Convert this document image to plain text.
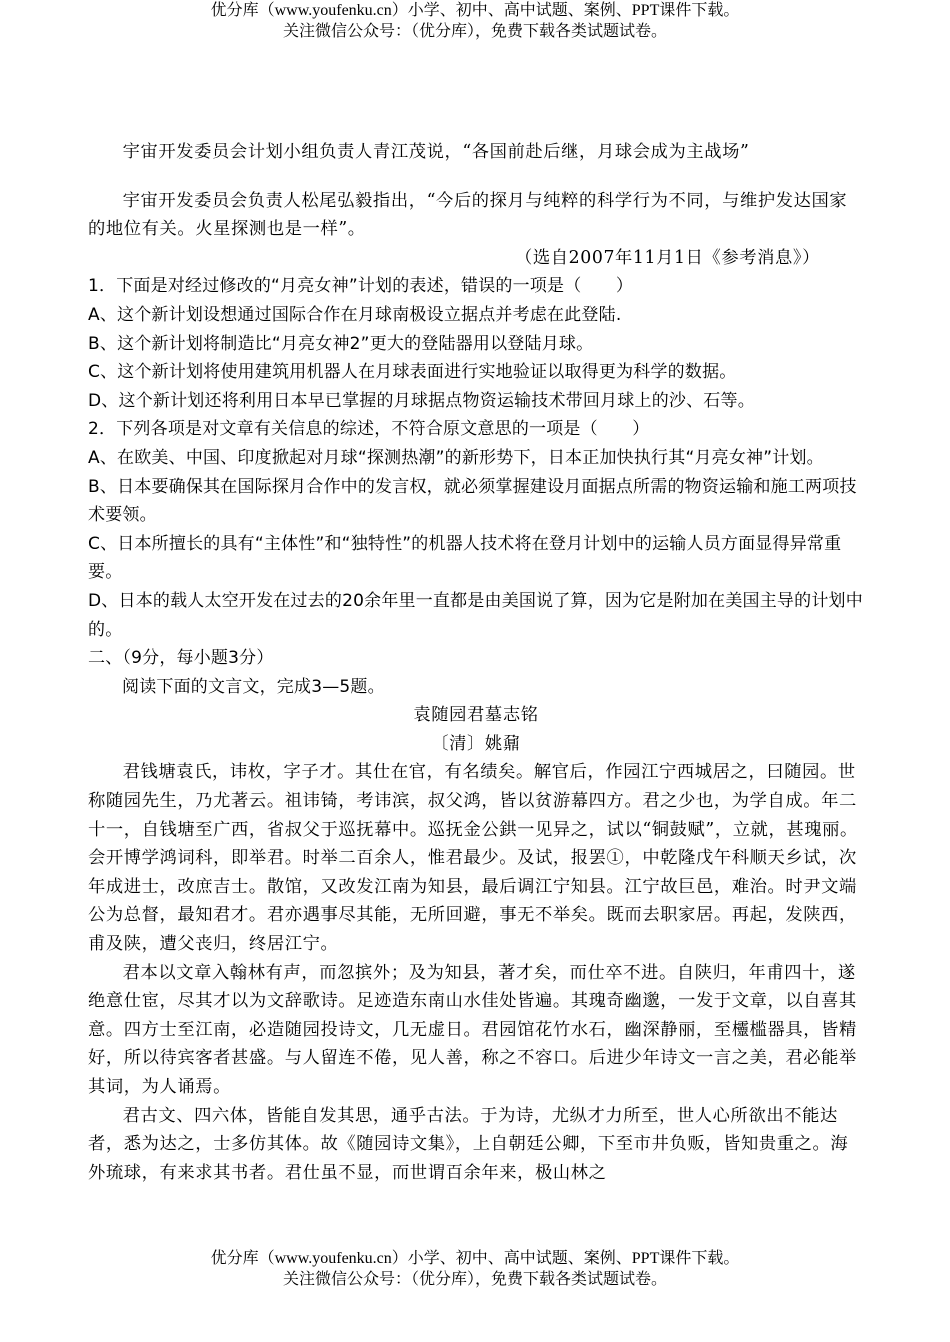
优分库（www.youfenku.cn）小学、初中、高中试题、案例、PPT课件下载。
关注微信公众号：（优分库），免费下载各类试题试卷。

宇宙开发委员会计划小组负责人青江茂说，“各国前赴后继，月球会成为主战场”

宇宙开发委员会负责人松尾弘毅指出，“今后的探月与纯粹的科学行为不同，与维护发达国家的地位有关。火星探测也是一样”。

（选自2007年11月1日《参考消息》）

1．下面是对经过修改的“月亮女神”计划的表述，错误的一项是（　　）

A、这个新计划设想通过国际合作在月球南极设立据点并考虑在此登陆.

B、这个新计划将制造比“月亮女神2”更大的登陆器用以登陆月球。

C、这个新计划将使用建筑用机器人在月球表面进行实地验证以取得更为科学的数据。

D、这个新计划还将利用日本早已掌握的月球据点物资运输技术带回月球上的沙、石等。

2．下列各项是对文章有关信息的综述，不符合原文意思的一项是（　　）

A、在欧美、中国、印度掀起对月球“探测热潮”的新形势下，日本正加快执行其“月亮女神”计划。

B、日本要确保其在国际探月合作中的发言权，就必须掌握建设月面据点所需的物资运输和施工两项技术要领。

C、日本所擅长的具有“主体性”和“独特性”的机器人技术将在登月计划中的运输人员方面显得异常重要。

D、日本的载人太空开发在过去的20余年里一直都是由美国说了算，因为它是附加在美国主导的计划中的。

二、（9分，每小题3分）

阅读下面的文言文，完成3—5题。

袁随园君墓志铭

〔清〕姚鼐

君钱塘袁氏，讳枚，字子才。其仕在官，有名绩矣。解官后，作园江宁西城居之，曰随园。世称随园先生，乃尤著云。祖讳锜，考讳滨，叔父鸿，皆以贫游幕四方。君之少也，为学自成。年二十一，自钱塘至广西，省叔父于巡抚幕中。巡抚金公鉷一见异之，试以“铜鼓赋”，立就，甚瑰丽。会开博学鸿词科，即举君。时举二百余人，惟君最少。及试，报罢①，中乾隆戊午科顺天乡试，次年成进士，改庶吉士。散馆，又改发江南为知县，最后调江宁知县。江宁故巨邑，难治。时尹文端公为总督，最知君才。君亦遇事尽其能，无所回避，事无不举矣。既而去职家居。再起，发陕西，甫及陕，遭父丧归，终居江宁。

君本以文章入翰林有声，而忽摈外；及为知县，著才矣，而仕卒不进。自陕归，年甫四十，遂绝意仕宦，尽其才以为文辞歌诗。足迹造东南山水佳处皆遍。其瑰奇幽邈，一发于文章，以自喜其意。四方士至江南，必造随园投诗文，几无虚日。君园馆花竹水石，幽深静丽，至欞槛器具，皆精好，所以待宾客者甚盛。与人留连不倦，见人善，称之不容口。后进少年诗文一言之美，君必能举其词，为人诵焉。

君古文、四六体，皆能自发其思，通乎古法。于为诗，尤纵才力所至，世人心所欲出不能达者，悉为达之，士多仿其体。故《随园诗文集》，上自朝廷公卿，下至市井负贩，皆知贵重之。海外琉球，有来求其书者。君仕虽不显，而世谓百余年来，极山林之

优分库（www.youfenku.cn）小学、初中、高中试题、案例、PPT课件下载。
关注微信公众号：（优分库），免费下载各类试题试卷。
